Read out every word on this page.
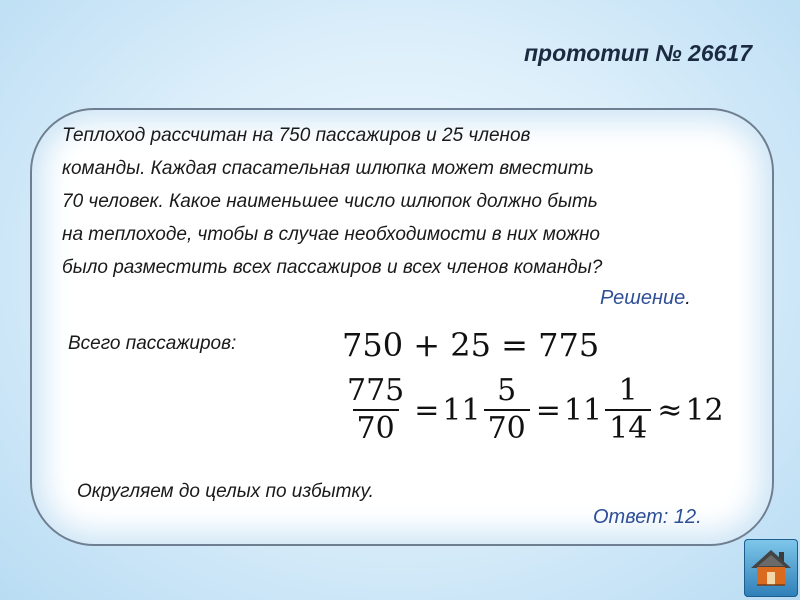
прототип № 26617
Теплоход рассчитан на 750 пассажиров и 25 членов
команды. Каждая спасательная шлюпка может вместить
70 человек. Какое наименьшее число шлюпок должно быть
на теплоходе, чтобы в случае необходимости в них можно
было разместить всех пассажиров и всех членов команды?
Решение.
Всего пассажиров:	750 + 25 = 775
$\frac{775}{70} = 11 \frac{5}{70} = 11 \frac{1}{14} \approx 12$
Округляем до целых по избытку.
Ответ: 12.
